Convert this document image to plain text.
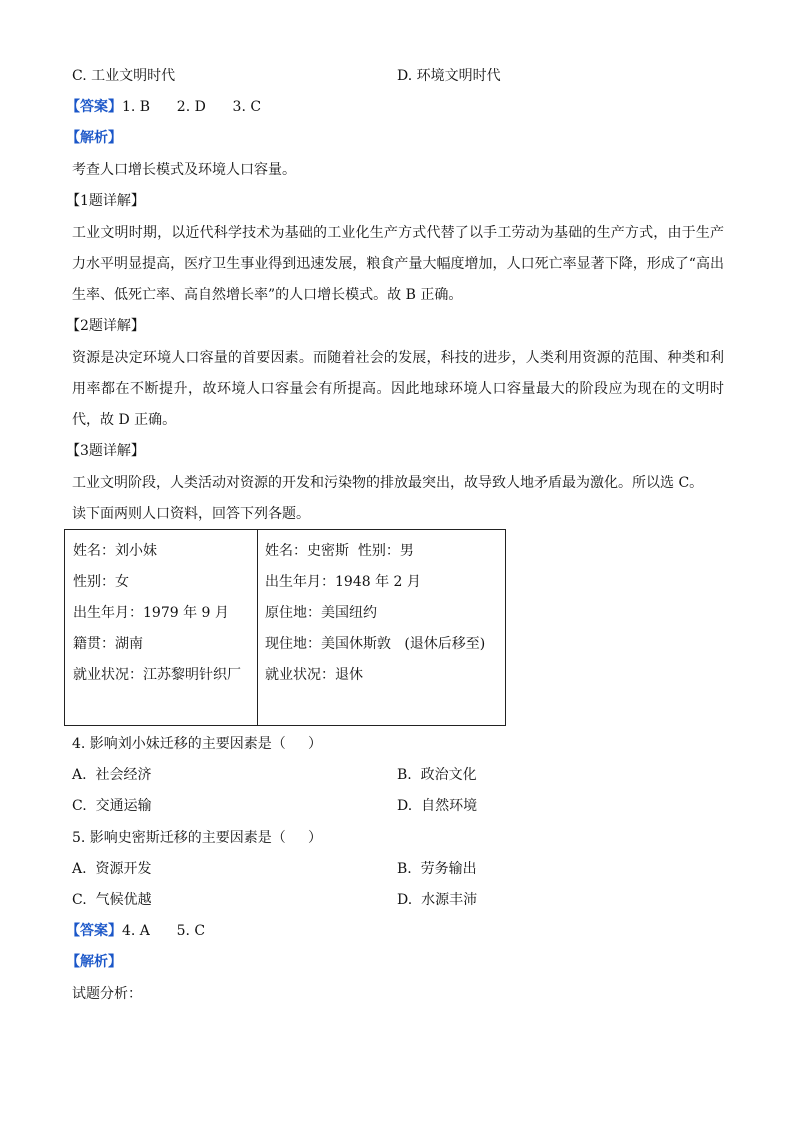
C. 工业文明时代	D. 环境文明时代
【答案】1. B      2. D      3. C
【解析】
考查人口增长模式及环境人口容量。
【1题详解】
工业文明时期，以近代科学技术为基础的工业化生产方式代替了以手工劳动为基础的生产方式，由于生产力水平明显提高，医疗卫生事业得到迅速发展，粮食产量大幅度增加，人口死亡率显著下降，形成了“高出生率、低死亡率、高自然增长率”的人口增长模式。故 B 正确。
【2题详解】
资源是决定环境人口容量的首要因素。而随着社会的发展，科技的进步，人类利用资源的范围、种类和利用率都在不断提升，故环境人口容量会有所提高。因此地球环境人口容量最大的阶段应为现在的文明时代，故 D 正确。
【3题详解】
工业文明阶段，人类活动对资源的开发和污染物的排放最突出，故导致人地矛盾最为激化。所以选 C。
读下面两则人口资料，回答下列各题。
姓名：刘小妹
性别：女
出生年月：1979 年 9 月
籍贯：湖南
就业状况：江苏黎明针织厂
姓名：史密斯  性别：男
出生年月：1948 年 2 月
原住地：美国纽约
现住地：美国休斯敦   (退休后移至)
就业状况：退休
4. 影响刘小妹迁移的主要因素是（     ）
A.  社会经济	B.  政治文化
C.  交通运输	D.  自然环境
5. 影响史密斯迁移的主要因素是（     ）
A.  资源开发	B.  劳务输出
C.  气候优越	D.  水源丰沛
【答案】4. A      5. C
【解析】
试题分析：
